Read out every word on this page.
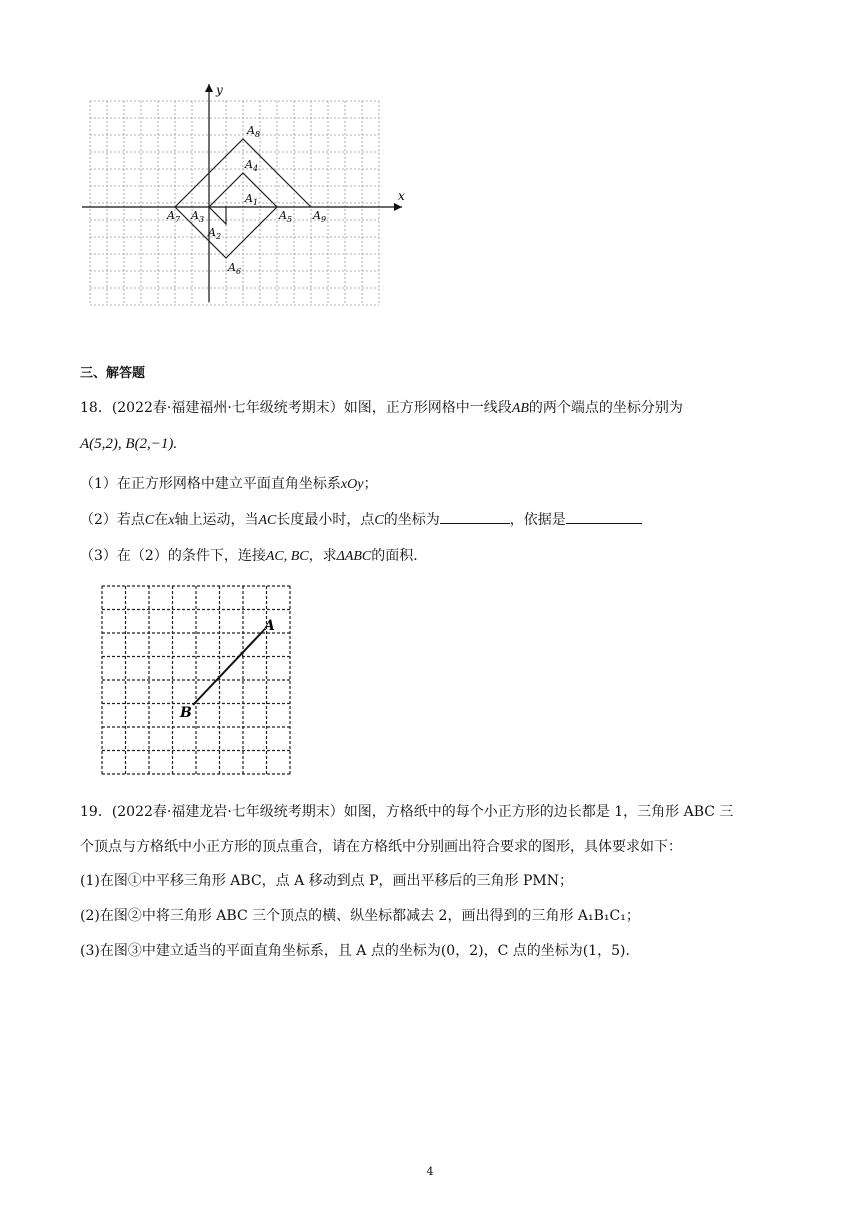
x
y
$A_1$
$A_2$
$A_3$
$A_4$
$A_5$
$A_6$
$A_7$
$A_8$
$A_9$
三、解答题
18．(2022春·福建福州·七年级统考期末）如图，正方形网格中一线段AB的两个端点的坐标分别为
A(5,2), B(2,−1).
（1）在正方形网格中建立平面直角坐标系xOy；
（2）若点C在x轴上运动，当AC长度最小时，点C的坐标为	，依据是
（3）在（2）的条件下，连接AC, BC，求ΔABC的面积.
A
B
19．(2022春·福建龙岩·七年级统考期末）如图，方格纸中的每个小正方形的边长都是 1，三角形 ABC 三
个顶点与方格纸中小正方形的顶点重合，请在方格纸中分别画出符合要求的图形，具体要求如下：
(1)在图①中平移三角形 ABC，点 A 移动到点 P，画出平移后的三角形 PMN；
(2)在图②中将三角形 ABC 三个顶点的横、纵坐标都减去 2，画出得到的三角形 A₁B₁C₁；
(3)在图③中建立适当的平面直角坐标系，且 A 点的坐标为(0，2)，C 点的坐标为(1，5).
4
